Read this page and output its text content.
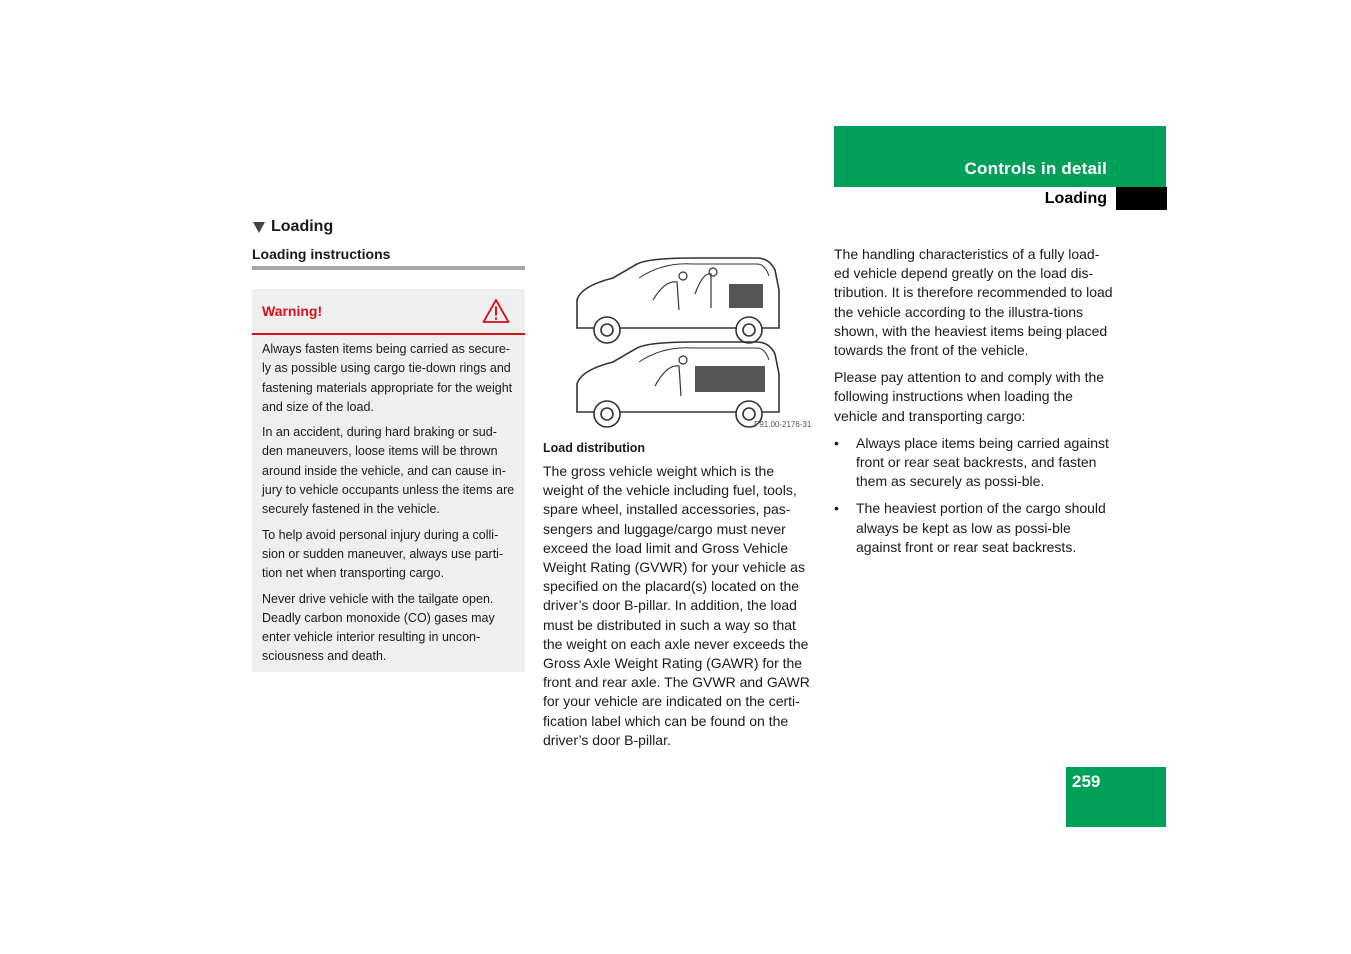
Controls in detail
Loading
Loading
Loading instructions
Warning!

Always fasten items being carried as secure-ly as possible using cargo tie-down rings and fastening materials appropriate for the weight and size of the load.

In an accident, during hard braking or sud-den maneuvers, loose items will be thrown around inside the vehicle, and can cause in-jury to vehicle occupants unless the items are securely fastened in the vehicle.

To help avoid personal injury during a colli-sion or sudden maneuver, always use parti-tion net when transporting cargo.

Never drive vehicle with the tailgate open. Deadly carbon monoxide (CO) gases may enter vehicle interior resulting in uncon-sciousness and death.

P91.00-2176-31
Load distribution

The gross vehicle weight which is the weight of the vehicle including fuel, tools, spare wheel, installed accessories, pas-sengers and luggage/cargo must never exceed the load limit and Gross Vehicle Weight Rating (GVWR) for your vehicle as specified on the placard(s) located on the driver’s door B-pillar. In addition, the load must be distributed in such a way so that the weight on each axle never exceeds the Gross Axle Weight Rating (GAWR) for the front and rear axle. The GVWR and GAWR for your vehicle are indicated on the certi-fication label which can be found on the driver’s door B-pillar.

The handling characteristics of a fully load-ed vehicle depend greatly on the load dis-tribution. It is therefore recommended to load the vehicle according to the illustra-tions shown, with the heaviest items being placed towards the front of the vehicle.

Please pay attention to and comply with the following instructions when loading the vehicle and transporting cargo:

• Always place items being carried against front or rear seat backrests, and fasten them as securely as possi-ble.
• The heaviest portion of the cargo should always be kept as low as possi-ble against front or rear seat backrests.
259
